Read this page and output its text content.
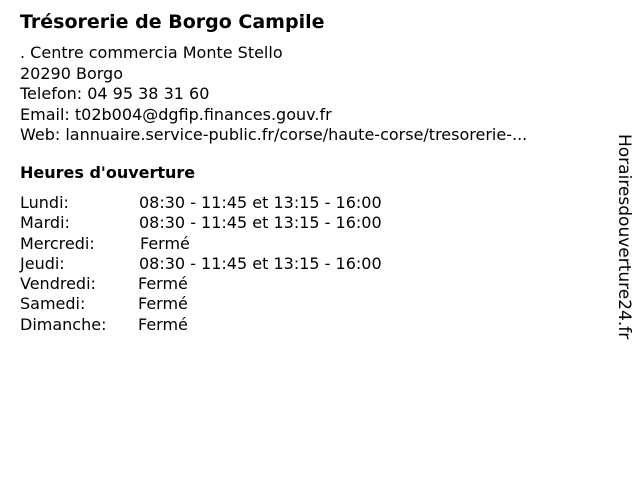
Trésorerie de Borgo Campile
. Centre commercia Monte Stello
20290 Borgo
Telefon: 04 95 38 31 60
Email: t02b004@dgfip.finances.gouv.fr
Web: lannuaire.service-public.fr/corse/haute-corse/tresorerie-...
Heures d'ouverture
Lundi:	08:30 - 11:45 et 13:15 - 16:00
Mardi:	08:30 - 11:45 et 13:15 - 16:00
Mercredi:	Fermé
Jeudi:	08:30 - 11:45 et 13:15 - 16:00
Vendredi:	Fermé
Samedi:	Fermé
Dimanche: Fermé	Horairesdouverture24.fr
